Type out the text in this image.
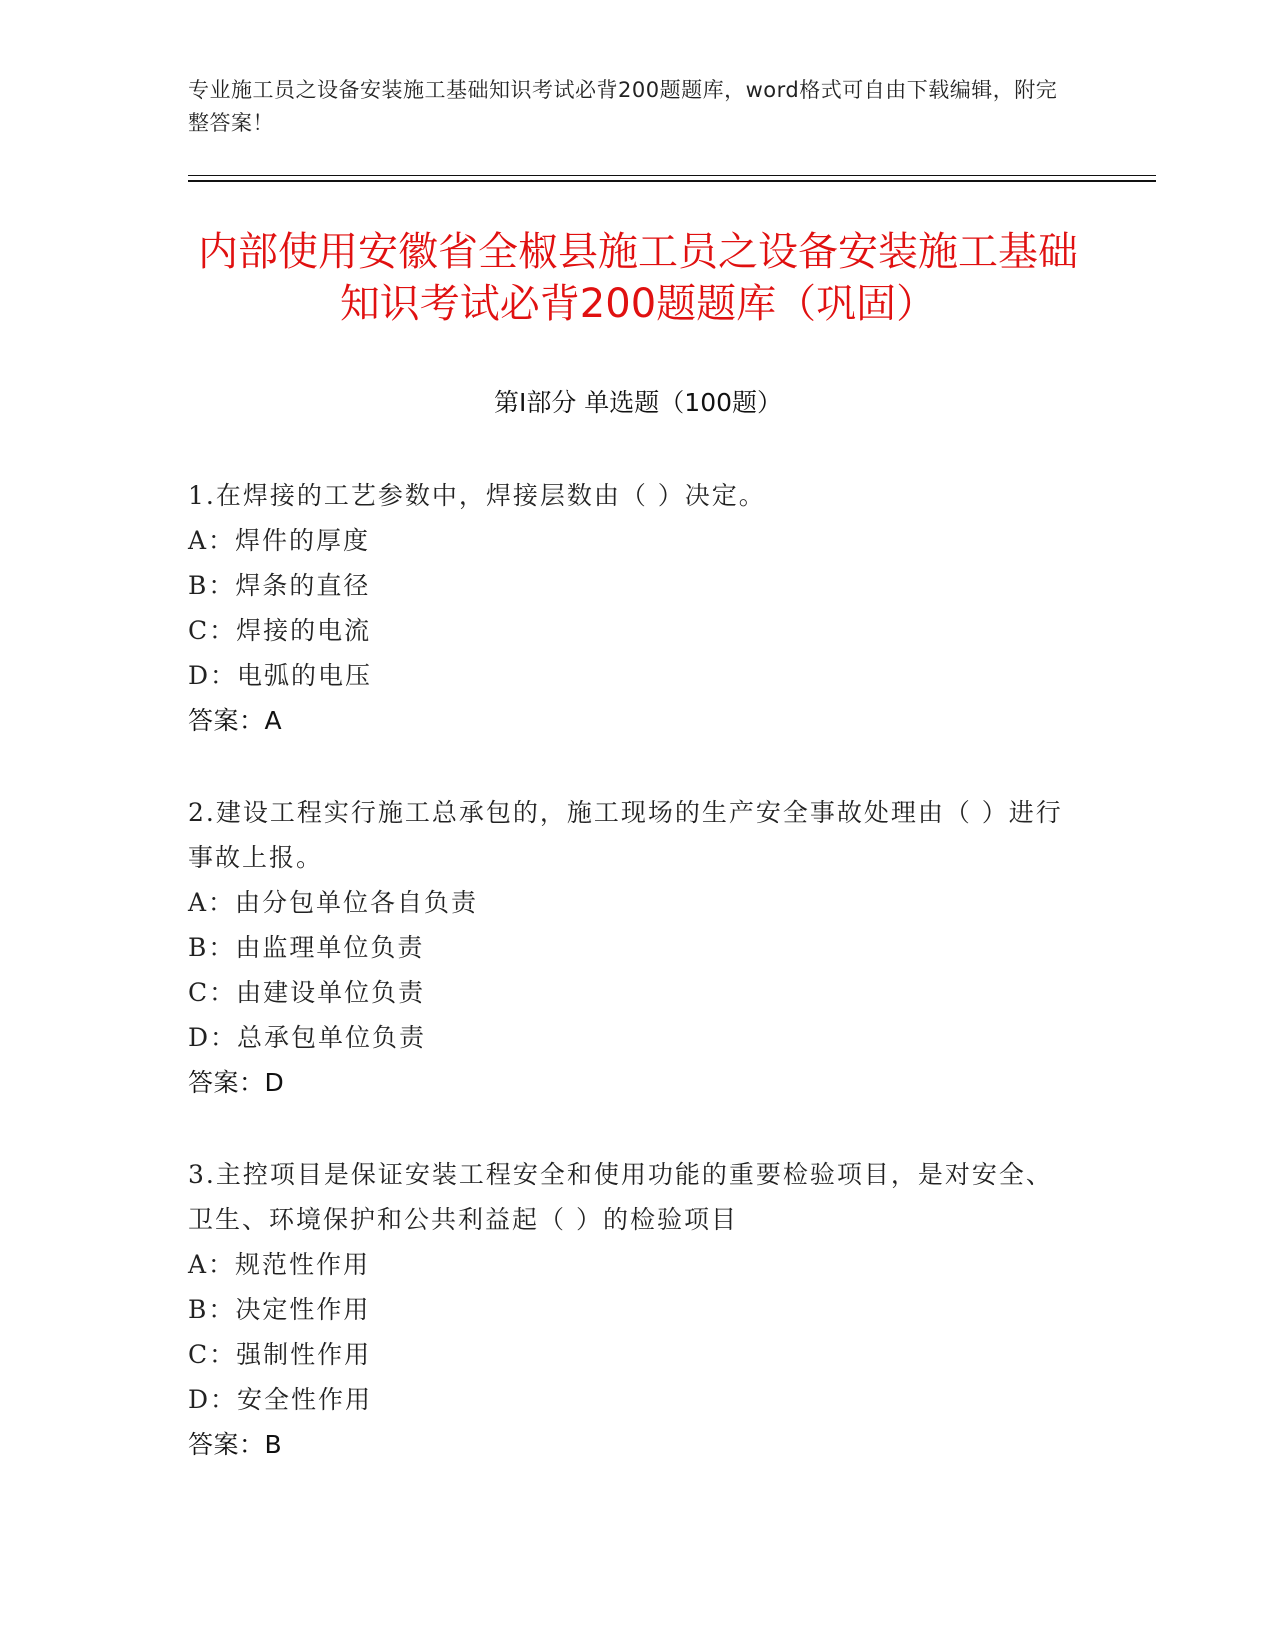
专业施工员之设备安装施工基础知识考试必背200题题库，word格式可自由下载编辑，附完整答案！
内部使用安徽省全椒县施工员之设备安装施工基础知识考试必背200题题库（巩固）
第Ⅰ部分 单选题（100题）
1.在焊接的工艺参数中，焊接层数由（ ）决定。
A：焊件的厚度
B：焊条的直径
C：焊接的电流
D：电弧的电压
答案：A
2.建设工程实行施工总承包的，施工现场的生产安全事故处理由（ ）进行事故上报。
A：由分包单位各自负责
B：由监理单位负责
C：由建设单位负责
D：总承包单位负责
答案：D
3.主控项目是保证安装工程安全和使用功能的重要检验项目，是对安全、卫生、环境保护和公共利益起（ ）的检验项目
A：规范性作用
B：决定性作用
C：强制性作用
D：安全性作用
答案：B
